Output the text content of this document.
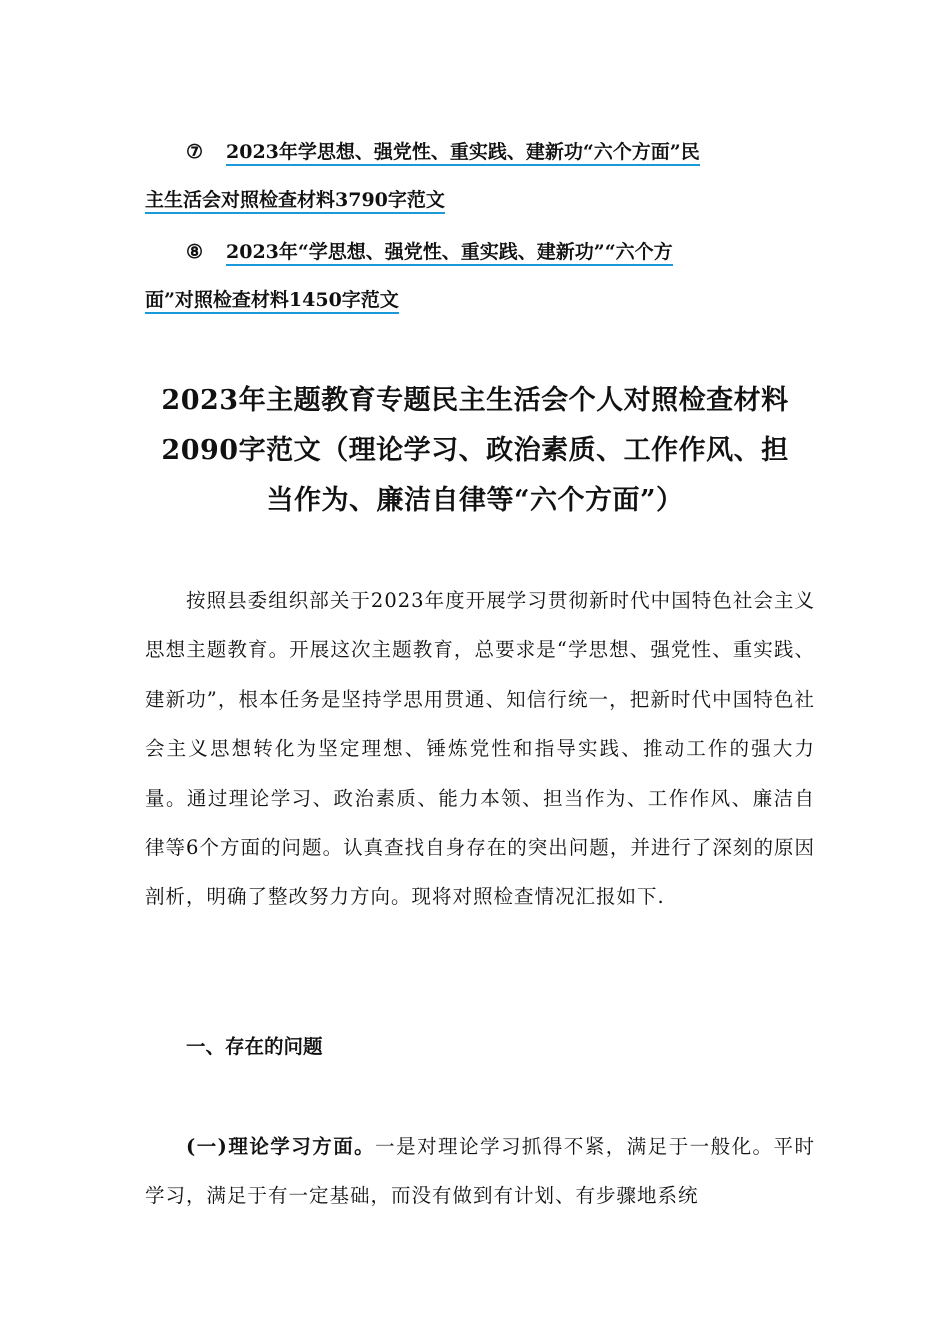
⑦ 2023年学思想、强党性、重实践、建新功“六个方面”民
主生活会对照检查材料3790字范文
⑧ 2023年“学思想、强党性、重实践、建新功”“六个方
面”对照检查材料1450字范文
2023年主题教育专题民主生活会个人对照检查材料
2090字范文（理论学习、政治素质、工作作风、担
当作为、廉洁自律等“六个方面”）
按照县委组织部关于2023年度开展学习贯彻新时代中国特色社会主义思想主题教育。开展这次主题教育，总要求是“学思想、强党性、重实践、建新功”，根本任务是坚持学思用贯通、知信行统一，把新时代中国特色社会主义思想转化为坚定理想、锤炼党性和指导实践、推动工作的强大力量。通过理论学习、政治素质、能力本领、担当作为、工作作风、廉洁自律等6个方面的问题。认真查找自身存在的突出问题，并进行了深刻的原因剖析，明确了整改努力方向。现将对照检查情况汇报如下.
一、存在的问题
(一)理论学习方面。一是对理论学习抓得不紧，满足于一般化。平时学习，满足于有一定基础，而没有做到有计划、有步骤地系统
